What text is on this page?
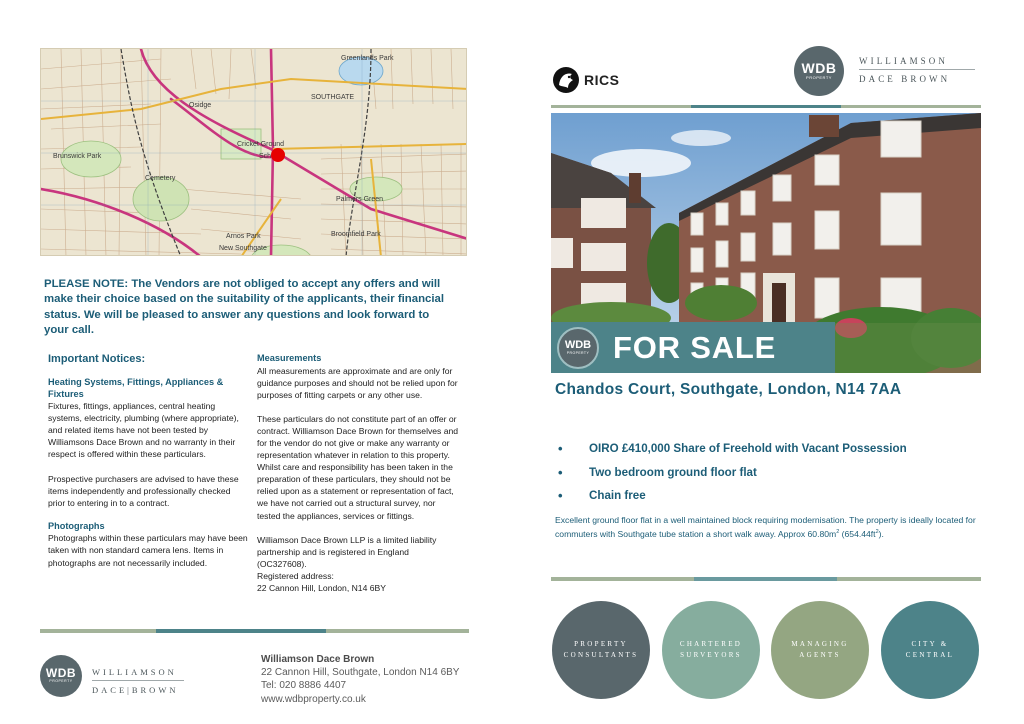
SOUTHGATE
Osidge
Brunswick Park
New Southgate
Palmers Green
Greenlands Park
Arnos Park	Broomfield Park
Cricket Ground
Sch
Cemetery
PLEASE NOTE: The Vendors are not obliged to accept any offers and will make their choice based on the suitability of the applicants, their financial status. We will be pleased to answer any questions and look forward to your call.
Important Notices:
Heating Systems, Fittings, Appliances & Fixtures

Fixtures, fittings, appliances, central heating systems, electricity, plumbing (where appropriate), and related items have not been tested by Williamsons Dace Brown and no warranty in their respect is offered within these particulars.

Prospective purchasers are advised to have these items independently and professionally checked prior to entering in to a contract.

Photographs

Photographs within these particulars may have been taken with non standard camera lens. Items in photographs are not necessarily included.

Measurements

All measurements are approximate and are only for guidance purposes and should not be relied upon for purposes of fitting carpets or any other use.

These particulars do not constitute part of an offer or contract. Williamson Dace Brown for themselves and for the vendor do not give or make any warranty or representation whatever in relation to this property. Whilst care and responsibility has been taken in the preparation of these particulars, they should not be relied upon as a statement or representation of fact, we have not carried out a structural survey, nor tested the appliances, services or fittings.

Williamson Dace Brown LLP is a limited liability partnership and is registered in England (OC327608).

Registered address:

22 Cannon Hill, London, N14 6BY

WDB
PROPERTY
WILLIAMSON
DACE|BROWN
Williamson Dace Brown
22 Cannon Hill, Southgate, London N14 6BY
Tel: 020 8886 4407
www.wdbproperty.co.uk
RICS
WDB
PROPERTY
WILLIAMSON
DACE BROWN
WDB
PROPERTY FOR SALE
Chandos Court, Southgate, London, N14 7AA
•	OIRO £410,000 Share of Freehold with Vacant Possession
•	Two bedroom ground floor flat
•	Chain free
Excellent ground floor flat in a well maintained block requiring modernisation. The property is ideally located for commuters with Southgate tube station a short walk away. Approx $60.80m^2$ $(654.44ft^2)$.
PROPERTY
CONSULTANTS
CHARTERED
SURVEYORS
MANAGING
AGENTS
CITY &
CENTRAL
